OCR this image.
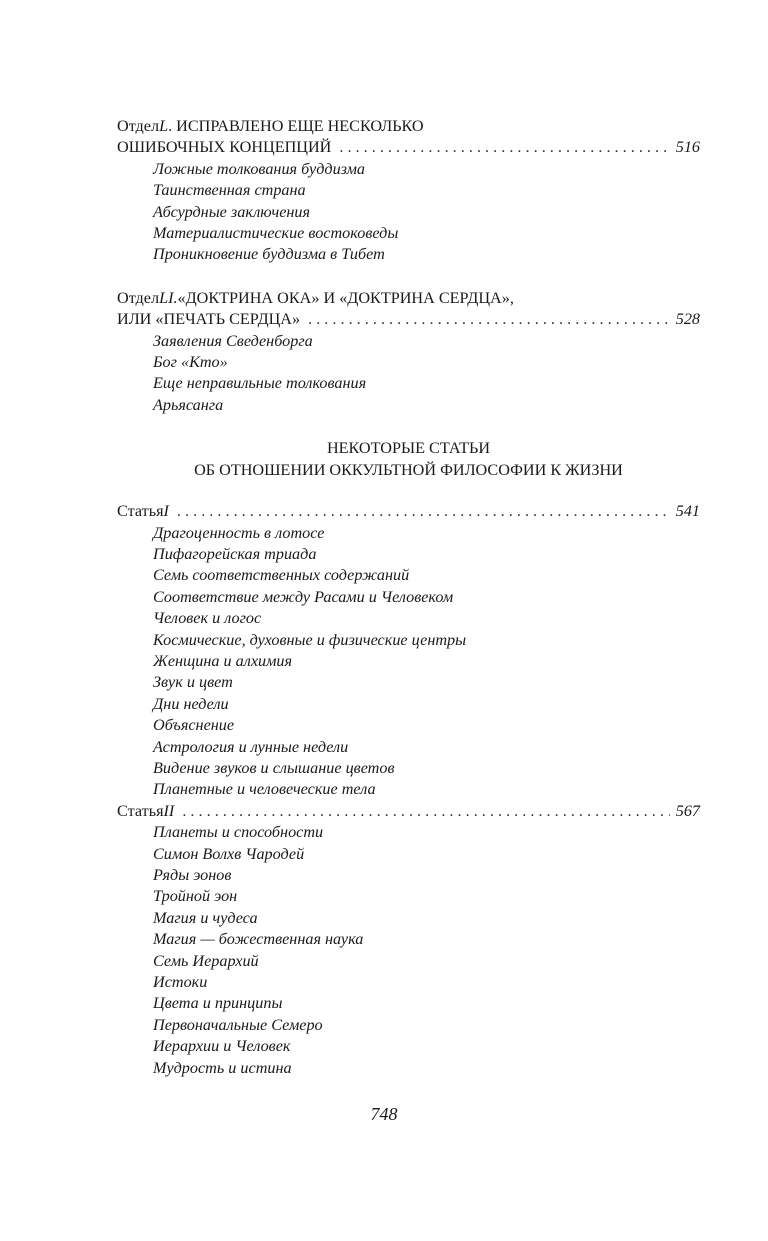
Отдел L . ИСПРАВЛЕНО ЕЩЕ НЕСКОЛЬКО
ОШИБОЧНЫХ КОНЦЕПЦИЙ . . .	516
Ложные толкования буддизма
Таинственная страна
Абсурдные заключения
Материалистические востоковеды
Проникновение буддизма в Тибет
Отдел LI. «ДОКТРИНА ОКА» И «ДОКТРИНА СЕРДЦА»,
ИЛИ «ПЕЧАТЬ СЕРДЦА» . . .	528
Заявления Сведенборга
Бог «Кто»
Еще неправильные толкования
Арьясанга
НЕКОТОРЫЕ СТАТЬИ
ОБ ОТНОШЕНИИ ОККУЛЬТНОЙ ФИЛОСОФИИ К ЖИЗНИ
Статья I . . .	541
Драгоценность в лотосе
Пифагорейская триада
Семь соответственных содержаний
Соответствие между Расами и Человеком
Человек и логос
Космические, духовные и физические центры
Женщина и алхимия
Звук и цвет
Дни недели
Объяснение
Астрология и лунные недели
Видение звуков и слышание цветов
Планетные и человеческие тела
Статья II . . .	567
Планеты и способности
Симон Волхв Чародей
Ряды эонов
Тройной эон
Магия и чудеса
Магия — божественная наука
Семь Иерархий
Истоки
Цвета и принципы
Первоначальные Семеро
Иерархии и Человек
Мудрость и истина
748
